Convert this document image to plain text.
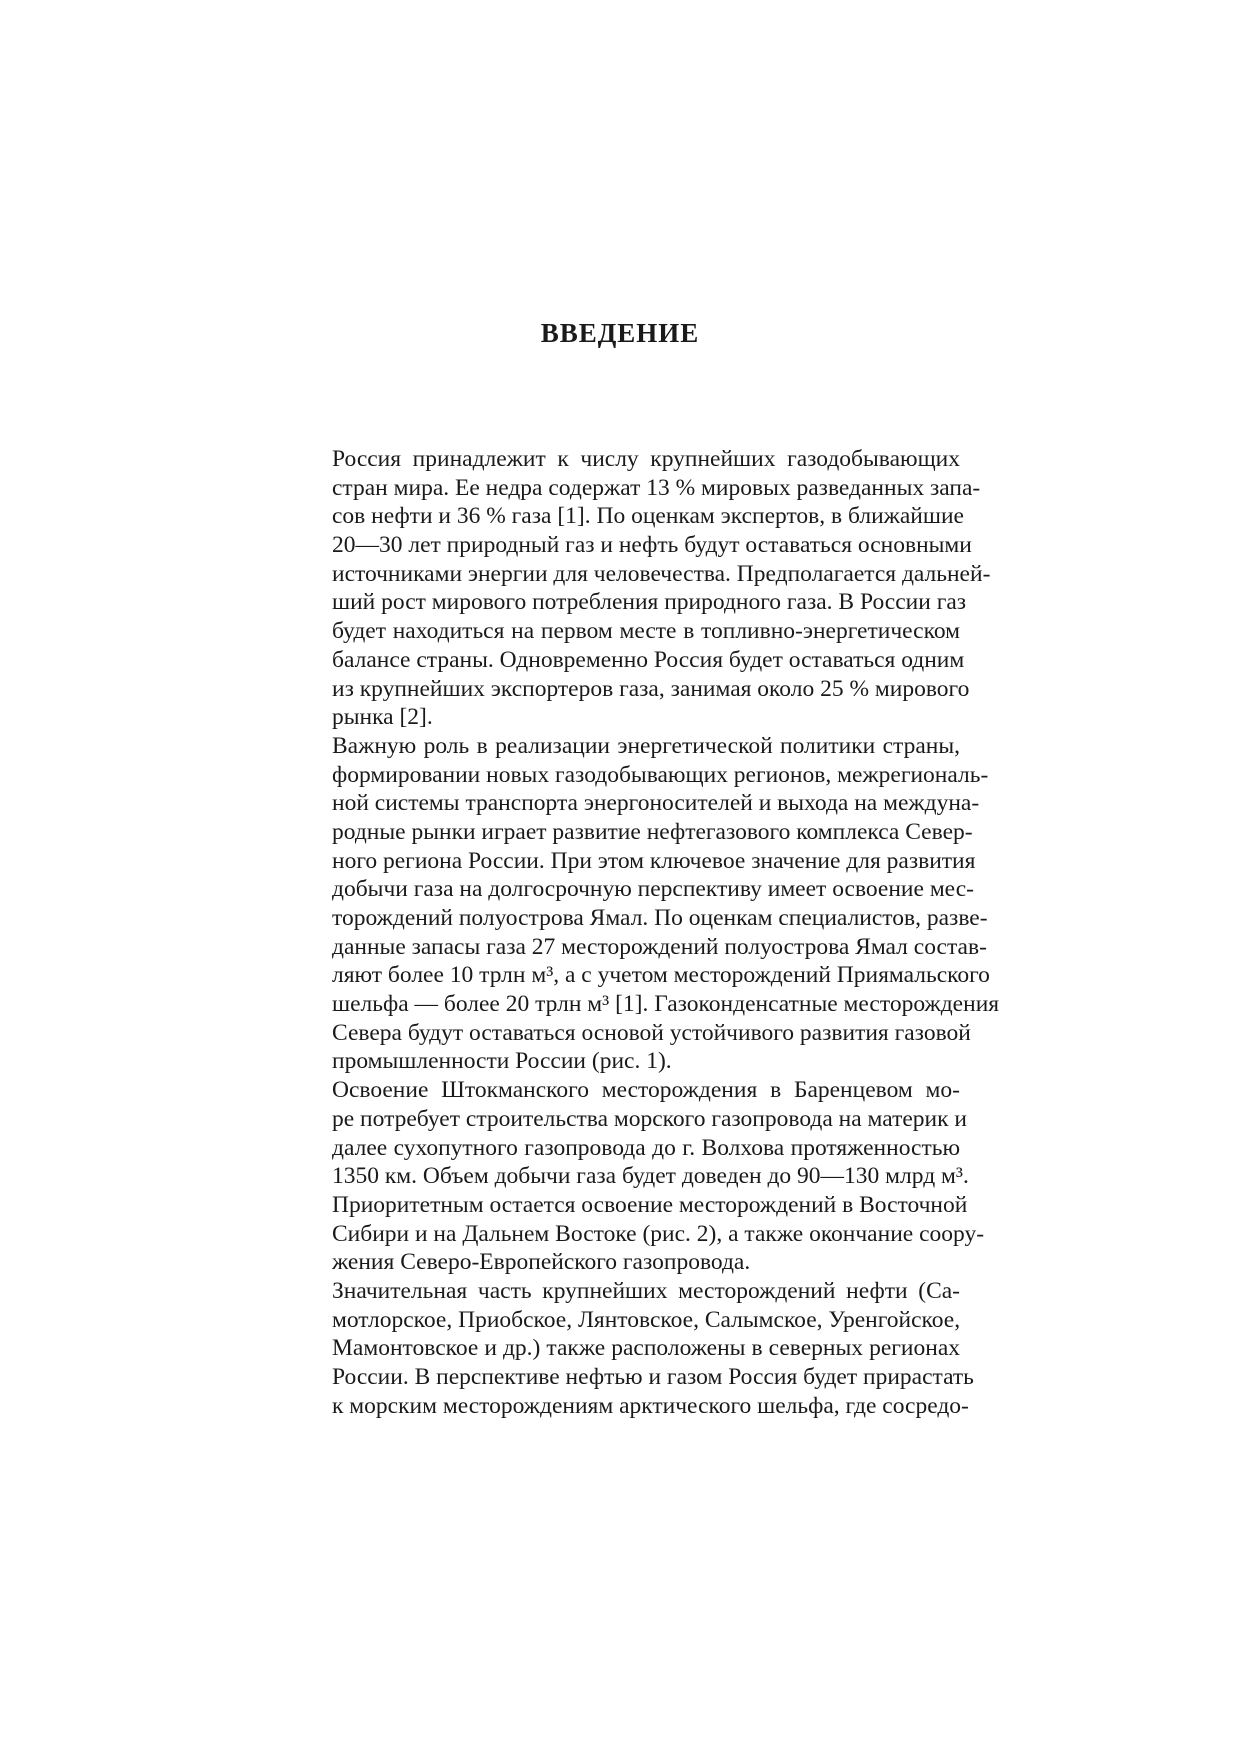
ВВЕДЕНИЕ

Россия принадлежит к числу крупнейших газодобывающих
стран мира. Ее недра содержат 13 % мировых разведанных запа-
сов нефти и 36 % газа [1]. По оценкам экспертов, в ближайшие
20—30 лет природный газ и нефть будут оставаться основными
источниками энергии для человечества. Предполагается дальней-
ший рост мирового потребления природного газа. В России газ
будет находиться на первом месте в топливно-энергетическом
балансе страны. Одновременно Россия будет оставаться одним
из крупнейших экспортеров газа, занимая около 25 % мирового
рынка [2].

Важную роль в реализации энергетической политики страны,
формировании новых газодобывающих регионов, межрегиональ-
ной системы транспорта энергоносителей и выхода на междуна-
родные рынки играет развитие нефтегазового комплекса Север-
ного региона России. При этом ключевое значение для развития
добычи газа на долгосрочную перспективу имеет освоение мес-
торождений полуострова Ямал. По оценкам специалистов, разве-
данные запасы газа 27 месторождений полуострова Ямал состав-
ляют более 10 трлн м³, а с учетом месторождений Приямальского
шельфа — более 20 трлн м³ [1]. Газоконденсатные месторождения
Севера будут оставаться основой устойчивого развития газовой
промышленности России (рис. 1).

Освоение Штокманского месторождения в Баренцевом мо-
ре потребует строительства морского газопровода на материк и
далее сухопутного газопровода до г. Волхова протяженностью
1350 км. Объем добычи газа будет доведен до 90—130 млрд м³.
Приоритетным остается освоение месторождений в Восточной
Сибири и на Дальнем Востоке (рис. 2), а также окончание соору-
жения Северо-Европейского газопровода.

Значительная часть крупнейших месторождений нефти (Са-
мотлорское, Приобское, Лянтовское, Салымское, Уренгойское,
Мамонтовское и др.) также расположены в северных регионах
России. В перспективе нефтью и газом Россия будет прирастать
к морским месторождениям арктического шельфа, где сосредо-
